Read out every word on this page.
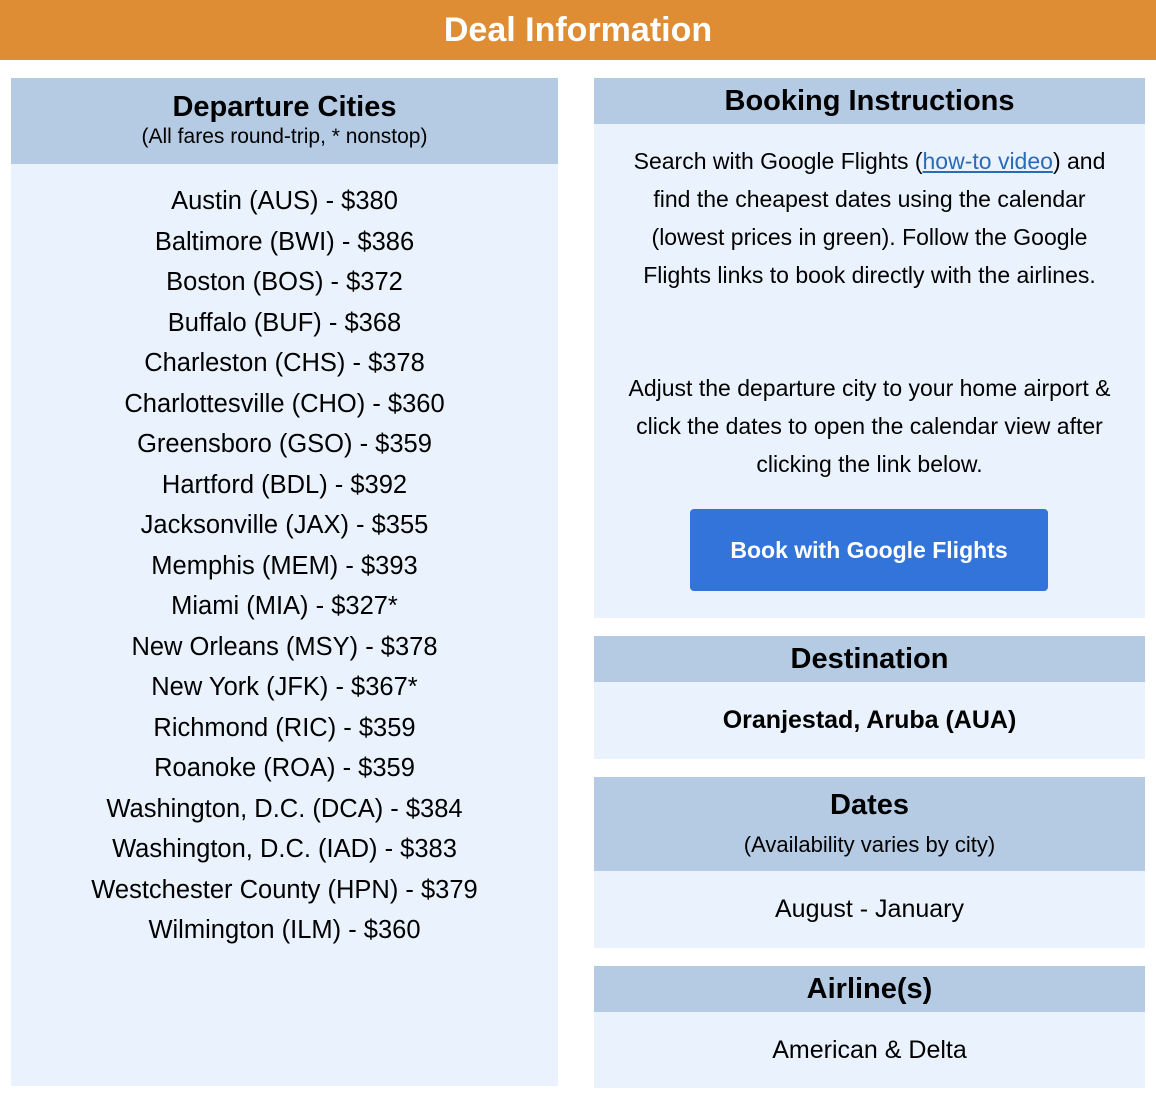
Deal Information
Departure Cities
(All fares round-trip, * nonstop)
Austin (AUS) - $380
Baltimore (BWI) - $386
Boston (BOS) - $372
Buffalo (BUF) - $368
Charleston (CHS) - $378
Charlottesville (CHO) - $360
Greensboro (GSO) - $359
Hartford (BDL) - $392
Jacksonville (JAX) - $355
Memphis (MEM) - $393
Miami (MIA) - $327*
New Orleans (MSY) - $378
New York (JFK) - $367*
Richmond (RIC) - $359
Roanoke (ROA) - $359
Washington, D.C. (DCA) - $384
Washington, D.C. (IAD) - $383
Westchester County (HPN) - $379
Wilmington (ILM) - $360
Booking Instructions
Search with Google Flights (how-to video) and find the cheapest dates using the calendar (lowest prices in green). Follow the Google Flights links to book directly with the airlines.
Adjust the departure city to your home airport & click the dates to open the calendar view after clicking the link below.
Book with Google Flights
Destination
Oranjestad, Aruba (AUA)
Dates
(Availability varies by city)
August - January
Airline(s)
American & Delta
